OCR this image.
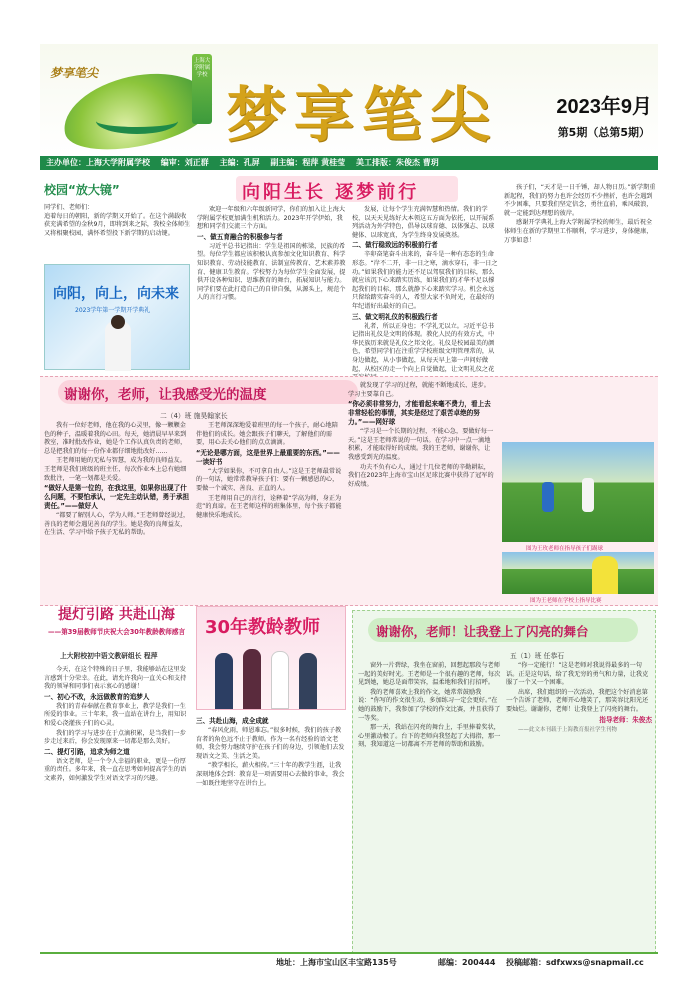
梦享笔尖
上海大学附属学校
梦享笔尖	2023年9月
第5期（总第5期）
主办单位：上海大学附属学校 编审：刘正群 主编：孔屏 副主编：程萍 黄桂莹 美工排版：朱俊杰 曹玥
校园“放大镜”	向阳生长 逐梦前行

同学们、老师们：
追着每日的朝阳，新的学期又开始了。在这个满载收获充满希望的金秋9月，即将到来之际，我校全体师生又将相聚校园，满怀希望投下新学期的启动键。

向阳，向上，向未来
2023学年第一学期开学典礼

欢迎一年级和六年级新同学，你们的加入让上海大学附属学校更加满生机和活力。2023年开学伊始，我想和同学们交流三个方面。

一、做五育融合的积极参与者

习近平总书记指出：学生是祖国的栋梁，民族的希望。每位学生都应该积极认真参加文化知识教育、科学知识教育、劳动技能教育、法制宣传教育、艺术素养教育、健康卫生教育。学校努力为每位学生全面发展，提供开设各种知识、思维教育的舞台，拓展知识与能力。同学们要在此打造自己的自律自强，从源头上，规范个人的言行习惯。

发展，让每个学生充满智慧和热情。我们的学校，以天天见练好大本领这五方面为依托，以开展系列活动为外学特色，倡导以球育德、以体强志、以球健体、以球宽真，为学生终身发展奠基。

二、做行稳致远的积极前行者

辛卯奋笔奋斗出来的，奋斗是一种有态态的生命形态。“岸不二开，非一日之寒，滴水穿石，非一日之功。”如果我们的能力还不足以驾驭我们的目标，那么就应该沉下心来踏实历练，如果我们的才华不足以撑起我们的目标，那么就静下心来踏实学习。机会永远只留给踏实奋斗的人，希望大家不负时光，在最好的年纪谱好出最好的自己。

三、做文明礼仪的积极践行者

礼者，所以正身也；不学礼无以立。习近平总书记指出礼仪是文明的体现。教化人民的有效方式，中华民族历来就是礼仪之邦文化。礼仪是校园最美的颜色，希望同学们在注重学学校班级文明管理常的，从身边做起，从小事做起，从每天早上第一声问好做起，从校区的走一个向上自觉做起，让文明礼仪之花

孩子们，“天才是一日千锤，却人物日历。”新学期重新起程，我们的努力也许会经历不少挫折，也许会遇到不少困难，只要我们坚定信念，勇往直前，乘风破浪，就一定能到达理想的彼岸。

感谢开学典礼上海大学附属学校的师生，最后祝全体师生在新的学期里工作顺利，学习进步，身体健康，万事如意！

谢谢你，老师，让我感受光的温度
二（4）班 施昊翰家长

我有一位好老师，他在我的心灵里，像一颗颗金色的种子，温暖着我的心田。每天，她清晨早早来到教室，准时批改作业，她是个工作认真负责的老师，总是把我们的每一份作业都仔细地批改好……

王老师用她的无私与智慧，成为我的良师益友。王老师是我们班级的班主任，每次作业本上总有她细致批注，一笔一划都是关爱。

“做好人是第一位的，在我这里，如果你出现了什么问题，不要怕承认，一定先主动认错，勇于承担责任。”——做好人

“都要了解别人心，学为人师。”王老师曾经说过，善良的老师会遇见善良的学生。她是我的良师益友，在生活、学习中给予孩子无私的帮助。

王老师深深地爱着班里的每一个孩子，耐心地陪伴他们的成长。她会跟孩子们聊天，了解他们的需要，用心去关心他们的点点滴滴。

“无论是哪方面，这是世界上最重要的东西。”——一读好书

“大学如果你，不可拿自由人。”这是王老师最常说的一句话，她常常教导孩子们：要有一颗感恩的心，要做一个诚实、善良、正直的人。

王老师用自己的言行，诠释着“学高为师，身正为范”的真谛。在王老师这样的班集体里，每个孩子都能健康快乐地成长。

就发现了学习的过程，就能不断地成长、进步。学习主要靠自己。

“你必须非常努力，才能看起来毫不费力，看上去非常轻松的事情，其实是经过了艰苦卓绝的努力。”——网好球

“学习是一个长期的过程，不能心急，要做好每一天。”这是王老师常说的一句话。在学习中一点一滴地积累，才能取得好的成绩。我的王老师，谢谢你，让我感受到光的温度。

功夫不负有心人，通过十几位老师的辛勤耕耘，我们在2023年上海市宝山区足球比赛中获得了冠军的好成绩。

图为王玫老师在指导孩子们踢球
图为王老师在学校上指导比赛
提灯引路 共赴山海
——第39届教师节庆祝大会30年教龄教师感言
上大附校初中语文教研组长 程萍
30年教龄教师

今天，在这个特殊的日子里，我能够站在这里发言感到十分荣幸。在此，请允许我向一直关心和支持我的领导和同事们表示衷心的感谢！

一、初心不改，永远做教育的追梦人

我们的青春奉献在教育事业上，教学是我们一生所爱的事业。三十年来，我一直站在讲台上，用知识和爱心浇灌孩子们的心灵。

我们的学习与进步在于点滴积累，是当我们一步步走过来后，你会发现原来一切都是那么美好。

二、提灯引路，追求为师之道

语文老师，是一个令人幸福的职业，更是一份厚重的责任。多年来，我一直在思考如何提高学生的语文素养，如何激发学生对语文学习的兴趣。

三、共赴山海，成全成就

“春风化雨，师恩难忘。”很多时候，我们的孩子教育者的角色远不止于教师。作为一名有经验的语文老师，我会努力继续守护在孩子们的身边，引领他们去发现语文之美、生活之美。

“教学相长，薪火相传。”三十年的教学生涯，让我深刻地体会到：教育是一项需要用心去做的事业，我会一如既往地坚守在讲台上。

谢谢你，老师！让我登上了闪亮的舞台
五（1）班 任恭石

窗外一片碧绿，我坐在窗前，回想起那段与老师一起的美好时光。王老师是一个很有趣的老师，每次见到她，她总是面带笑容，温柔地和我们打招呼。

我的老师喜欢上我的作文，她常常鼓励我说：“你写的作文很生动，多加练习一定会更好。”在她的鼓励下，我参加了学校的作文比赛，并且获得了一等奖。

那一天，我站在闪亮的舞台上，手里捧着奖状，心里激动极了。台下的老师向我竖起了大拇指，那一刻，我知道这一切都离不开老师的帮助和鼓励。

“你一定能行！”这是老师对我说得最多的一句话。正是这句话，给了我无穷的勇气和力量，让我克服了一个又一个困难。

出席，我们组织的一次活动，我把这个好消息第一个告诉了老师，老师开心地笑了，那笑容比阳光还要灿烂。谢谢你，老师！让我登上了闪亮的舞台。

指导老师：朱俊杰

——此文本刊载于上海教育报社学生刊物

地址：上海市宝山区丰宝路135号	邮编：200444 投稿邮箱：sdfxwxs@snapmail.cc
